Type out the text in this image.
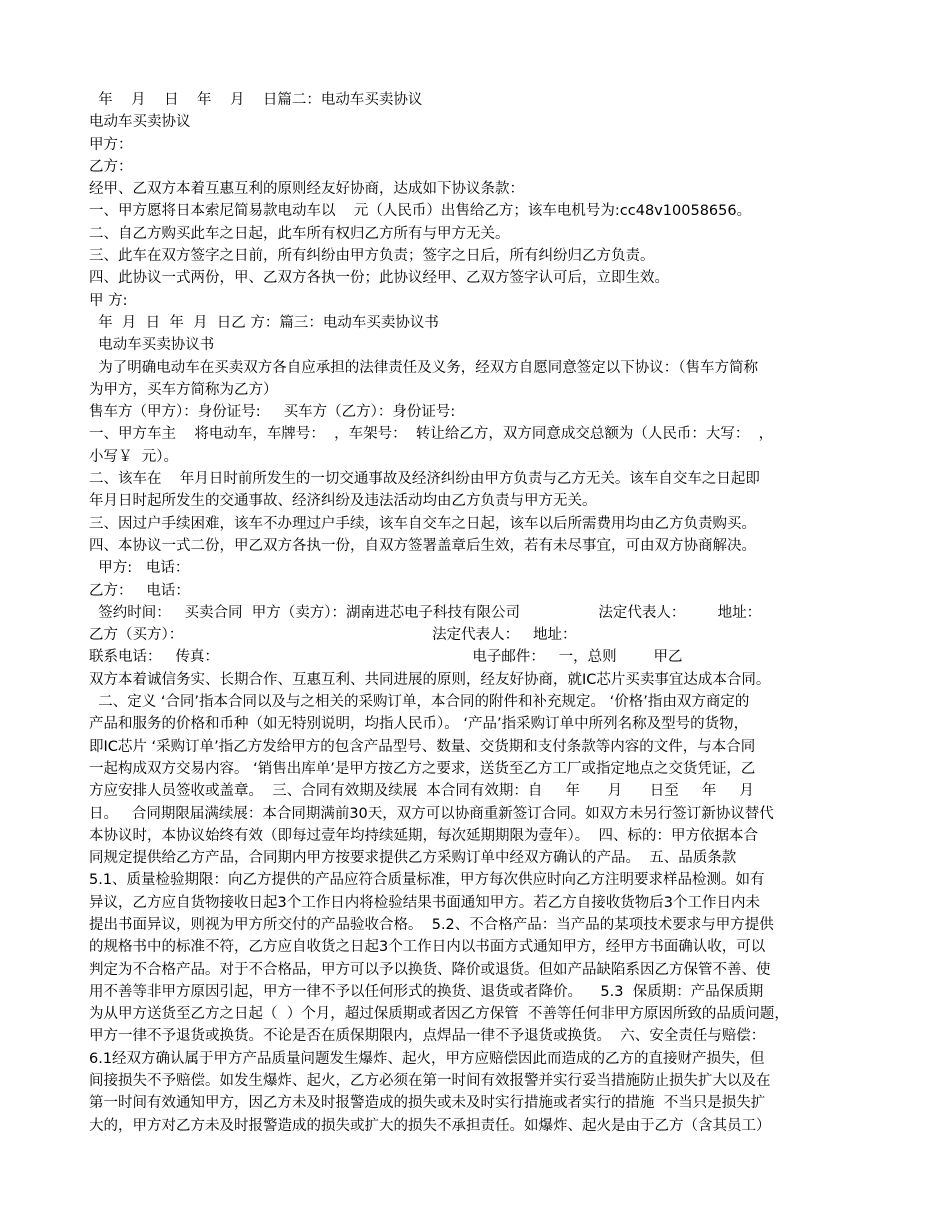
年    月    日    年    月    日篇二：电动车买卖协议
电动车买卖协议
甲方：
乙方：
经甲、乙双方本着互惠互利的原则经友好协商，达成如下协议条款：
一、甲方愿将日本索尼简易款电动车以    元（人民币）出售给乙方；该车电机号为:cc48v10058656。
二、自乙方购买此车之日起，此车所有权归乙方所有与甲方无关。
三、此车在双方签字之日前，所有纠纷由甲方负责；签字之日后，所有纠纷归乙方负责。
四、此协议一式两份，甲、乙双方各执一份；此协议经甲、乙双方签字认可后，立即生效。
甲 方:
年  月  日  年  月  日乙 方：篇三：电动车买卖协议书
电动车买卖协议书
为了明确电动车在买卖双方各自应承担的法律责任及义务，经双方自愿同意签定以下协议：（售车方简称
为甲方，买车方简称为乙方）
售车方（甲方）：身份证号:     买车方（乙方）：身份证号:
一、甲方车主    将电动车，车牌号：  ，车架号：  转让给乙方，双方同意成交总额为（人民币：大写：  ，
小写￥  元）。
二、该车在    年月日时前所发生的一切交通事故及经济纠纷由甲方负责与乙方无关。该车自交车之日起即
年月日时起所发生的交通事故、经济纠纷及违法活动均由乙方负责与甲方无关。
三、因过户手续困难，该车不办理过户手续，该车自交车之日起，该车以后所需费用均由乙方负责购买。
四、本协议一式二份，甲乙双方各执一份，自双方签署盖章后生效，若有未尽事宜，可由双方协商解决。
甲方:   电话：
乙方：   电话：
签约时间：   买卖合同  甲方（卖方）：湖南进芯电子科技有限公司                 法定代表人：       地址：
乙方（买方）：                                                      法定代表人：   地址：
联系电话：   传真：                                                       电子邮件：   一，总则        甲乙
双方本着诚信务实、长期合作、互惠互利、共同进展的原则，经友好协商，就IC芯片买卖事宜达成本合同。
二、定义 ‘合同’指本合同以及与之相关的采购订单，本合同的附件和补充规定。 ‘价格’指由双方商定的
产品和服务的价格和币种（如无特别说明，均指人民币）。 ‘产品’指采购订单中所列名称及型号的货物，
即IC芯片 ‘采购订单’指乙方发给甲方的包含产品型号、数量、交货期和支付条款等内容的文件，与本合同
一起构成双方交易内容。 ‘销售出库单’是甲方按乙方之要求，送货至乙方工厂或指定地点之交货凭证，乙
方应安排人员签收或盖章。  三、合同有效期及续展  本合同有效期：自     年      月      日至     年     月
日。   合同期限届满续展：本合同期满前30天，双方可以协商重新签订合同。如双方未另行签订新协议替代
本协议时，本协议始终有效（即每过壹年均持续延期，每次延期期限为壹年）。  四、标的：甲方依据本合
同规定提供给乙方产品，合同期内甲方按要求提供乙方采购订单中经双方确认的产品。  五、品质条款
5.1、质量检验期限：向乙方提供的产品应符合质量标准，甲方每次供应时向乙方注明要求样品检测。如有
异议，乙方应自货物接收日起3个工作日内将检验结果书面通知甲方。若乙方自接收货物后3个工作日内未
提出书面异议，则视为甲方所交付的产品验收合格。  5.2、不合格产品：当产品的某项技术要求与甲方提供
的规格书中的标准不符，乙方应自收货之日起3个工作日内以书面方式通知甲方，经甲方书面确认收，可以
判定为不合格产品。对于不合格品，甲方可以予以换货、降价或退货。但如产品缺陷系因乙方保管不善、使
用不善等非甲方原因引起，甲方一律不予以任何形式的换货、退货或者降价。    5.3  保质期：产品保质期
为从甲方送货至乙方之日起（  ）个月，超过保质期或者因乙方保管  不善等任何非甲方原因所致的品质问题，
甲方一律不予退货或换货。不论是否在质保期限内，点焊品一律不予退货或换货。  六、安全责任与赔偿：
6.1经双方确认属于甲方产品质量问题发生爆炸、起火，甲方应赔偿因此而造成的乙方的直接财产损失，但
间接损失不予赔偿。如发生爆炸、起火，乙方必须在第一时间有效报警并实行妥当措施防止损失扩大以及在
第一时间有效通知甲方，因乙方未及时报警造成的损失或未及时实行措施或者实行的措施  不当只是损失扩
大的，甲方对乙方未及时报警造成的损失或扩大的损失不承担责任。如爆炸、起火是由于乙方（含其员工）
